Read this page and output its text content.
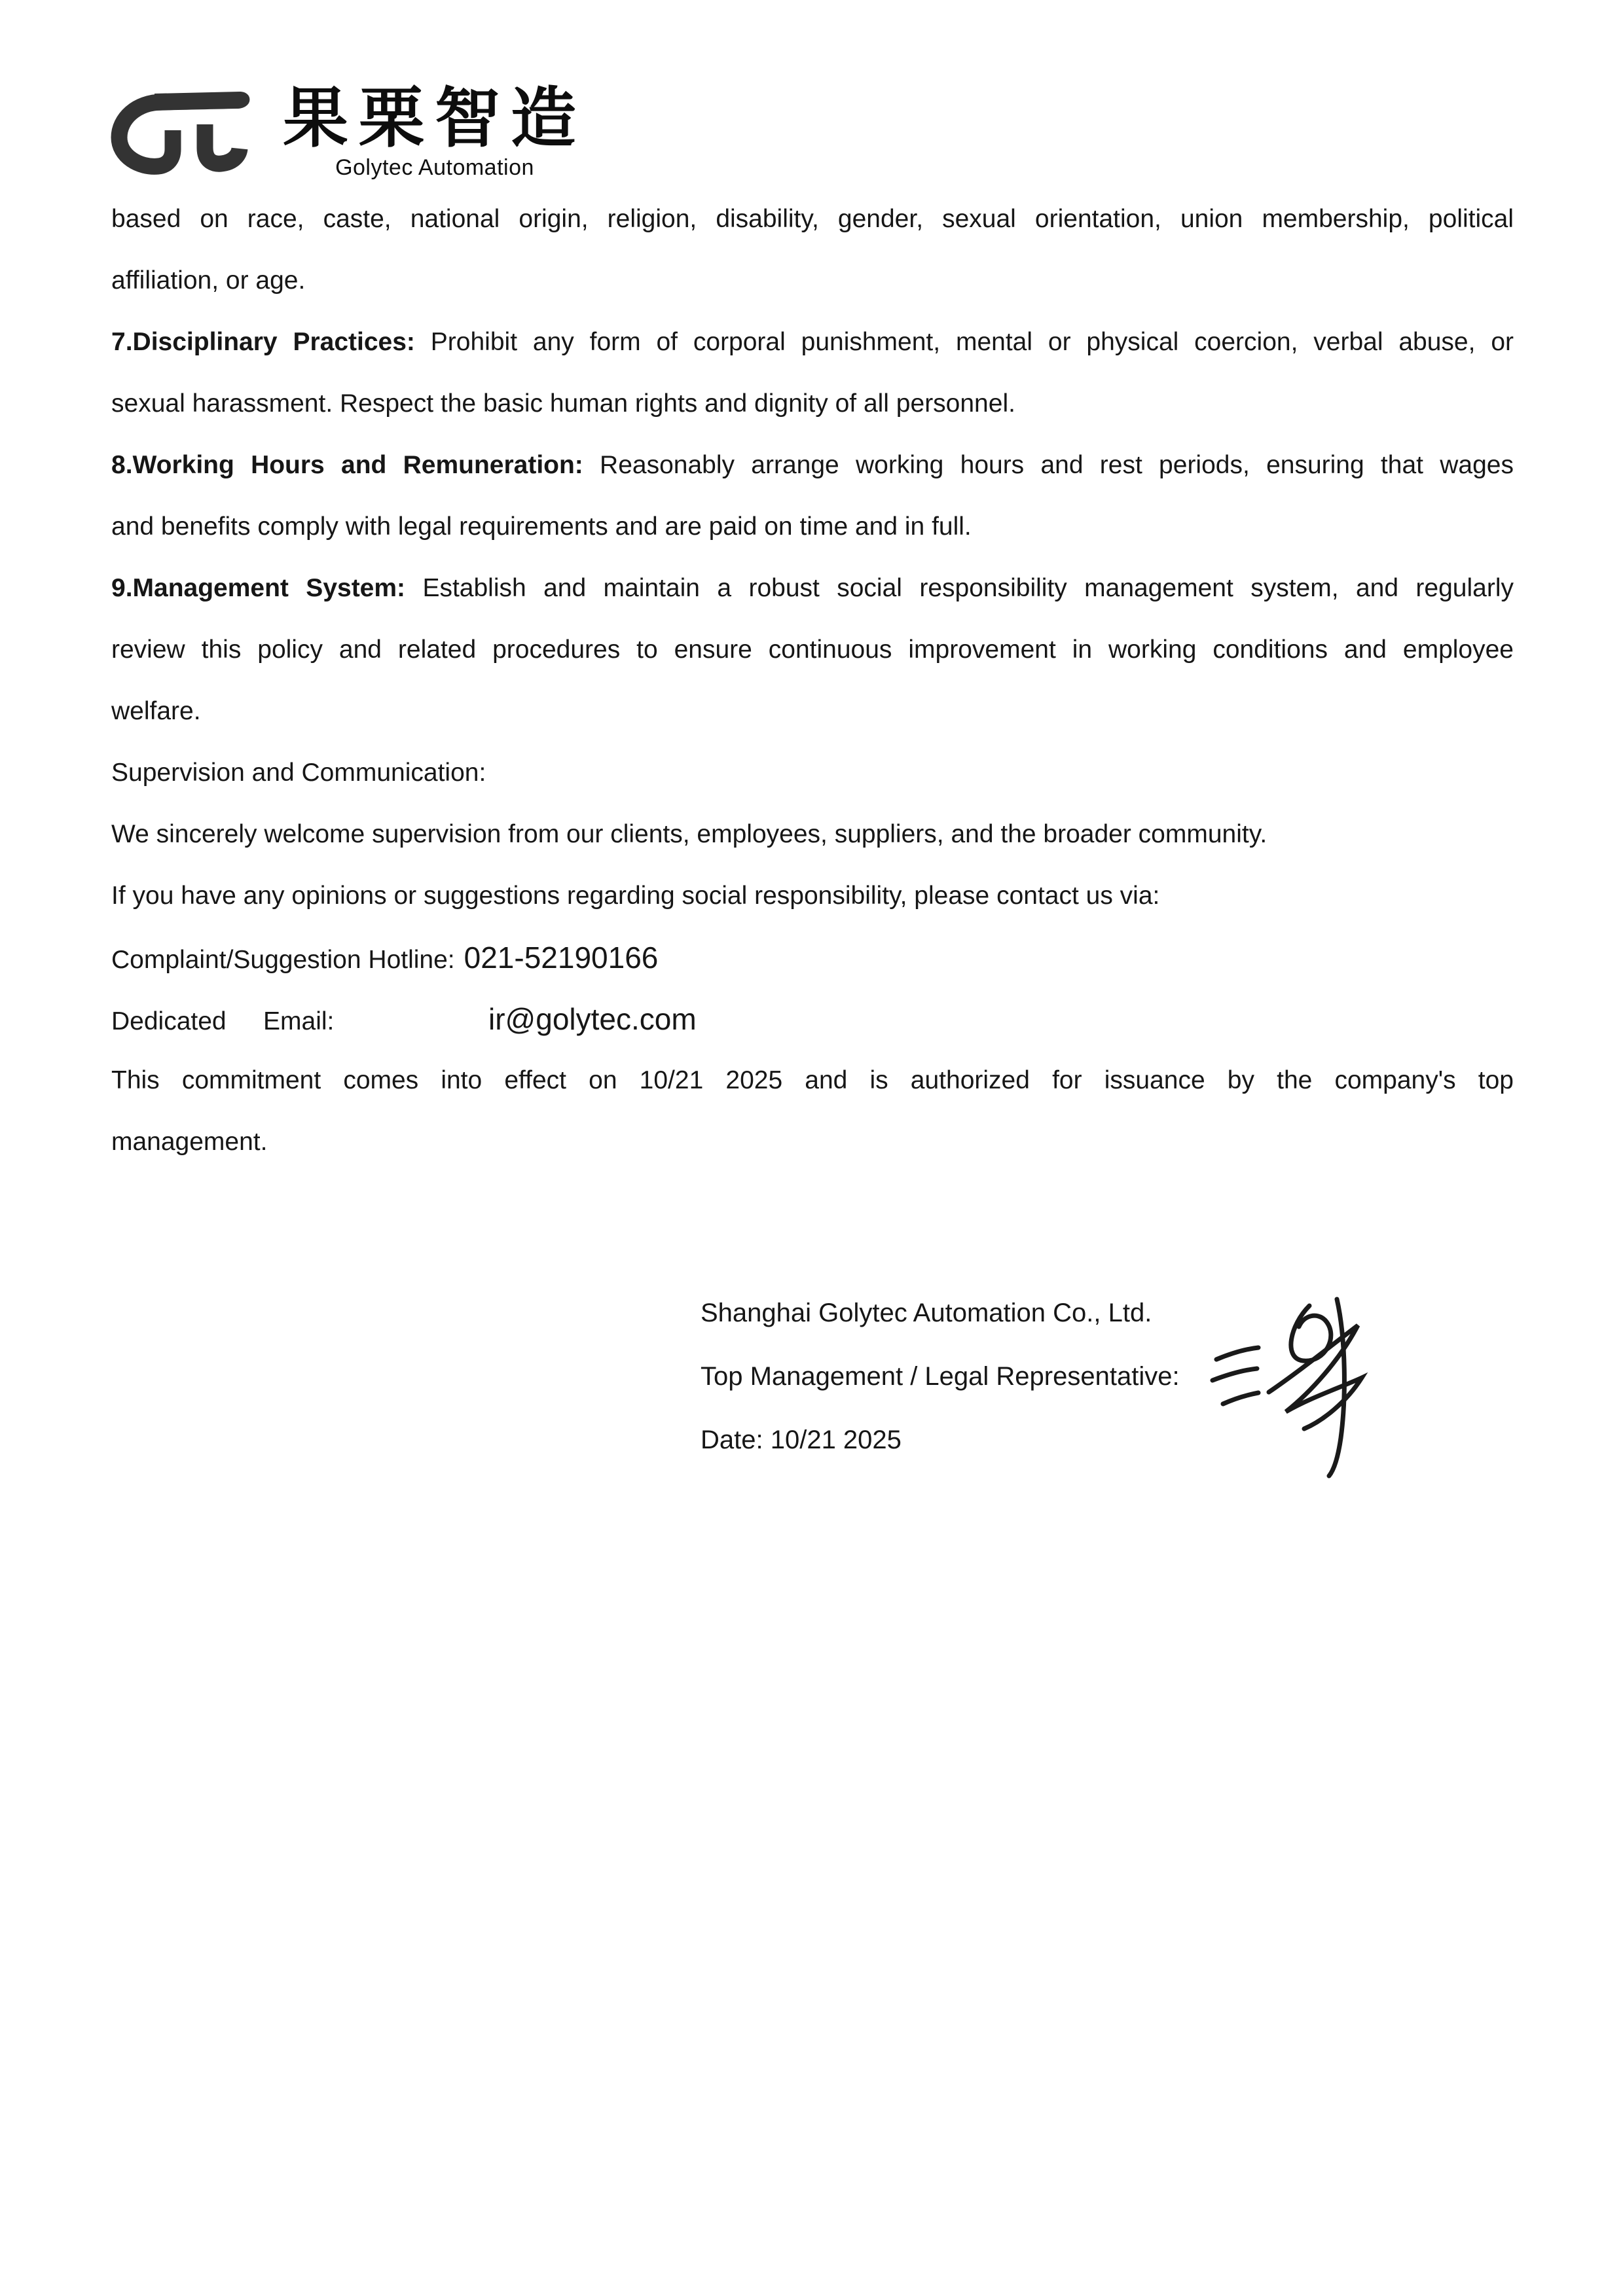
果栗智造
Golytec Automation

based on race, caste, national origin, religion, disability, gender, sexual orientation, union membership, political

affiliation, or age.

7.Disciplinary Practices: Prohibit any form of corporal punishment, mental or physical coercion, verbal abuse, or

sexual harassment. Respect the basic human rights and dignity of all personnel.

8.Working Hours and Remuneration: Reasonably arrange working hours and rest periods, ensuring that wages

and benefits comply with legal requirements and are paid on time and in full.

9.Management System: Establish and maintain a robust social responsibility management system, and regularly

review this policy and related procedures to ensure continuous improvement in working conditions and employee

welfare.

Supervision and Communication:

We sincerely welcome supervision from our clients, employees, suppliers, and the broader community.

If you have any opinions or suggestions regarding social responsibility, please contact us via:

Complaint/Suggestion Hotline: 021-52190166

Dedicated Email:	ir@golytec.com

This commitment comes into effect on 10/21 2025 and is authorized for issuance by the company's top

management.

Shanghai Golytec Automation Co., Ltd.

Top Management / Legal Representative:

Date: 10/21 2025
